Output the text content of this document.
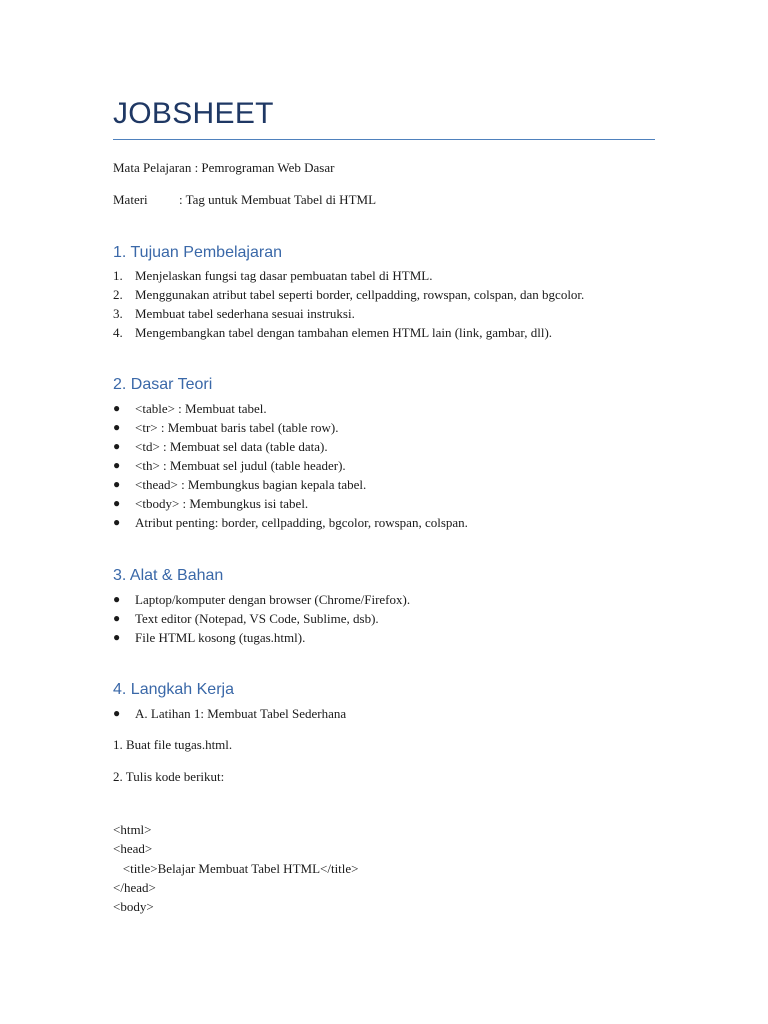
JOBSHEET
Mata Pelajaran : Pemrograman Web Dasar
Materi : Tag untuk Membuat Tabel di HTML
1. Tujuan Pembelajaran
1. Menjelaskan fungsi tag dasar pembuatan tabel di HTML.
2. Menggunakan atribut tabel seperti border, cellpadding, rowspan, colspan, dan bgcolor.
3. Membuat tabel sederhana sesuai instruksi.
4. Mengembangkan tabel dengan tambahan elemen HTML lain (link, gambar, dll).
2. Dasar Teori
● <table> : Membuat tabel.
● <tr> : Membuat baris tabel (table row).
● <td> : Membuat sel data (table data).
● <th> : Membuat sel judul (table header).
● <thead> : Membungkus bagian kepala tabel.
● <tbody> : Membungkus isi tabel.
● Atribut penting: border, cellpadding, bgcolor, rowspan, colspan.
3. Alat & Bahan
● Laptop/komputer dengan browser (Chrome/Firefox).
● Text editor (Notepad, VS Code, Sublime, dsb).
● File HTML kosong (tugas.html).
4. Langkah Kerja
● A. Latihan 1: Membuat Tabel Sederhana
1. Buat file tugas.html.
2. Tulis kode berikut:
<html>
<head>
<title>Belajar Membuat Tabel HTML</title>
</head>
<body>
